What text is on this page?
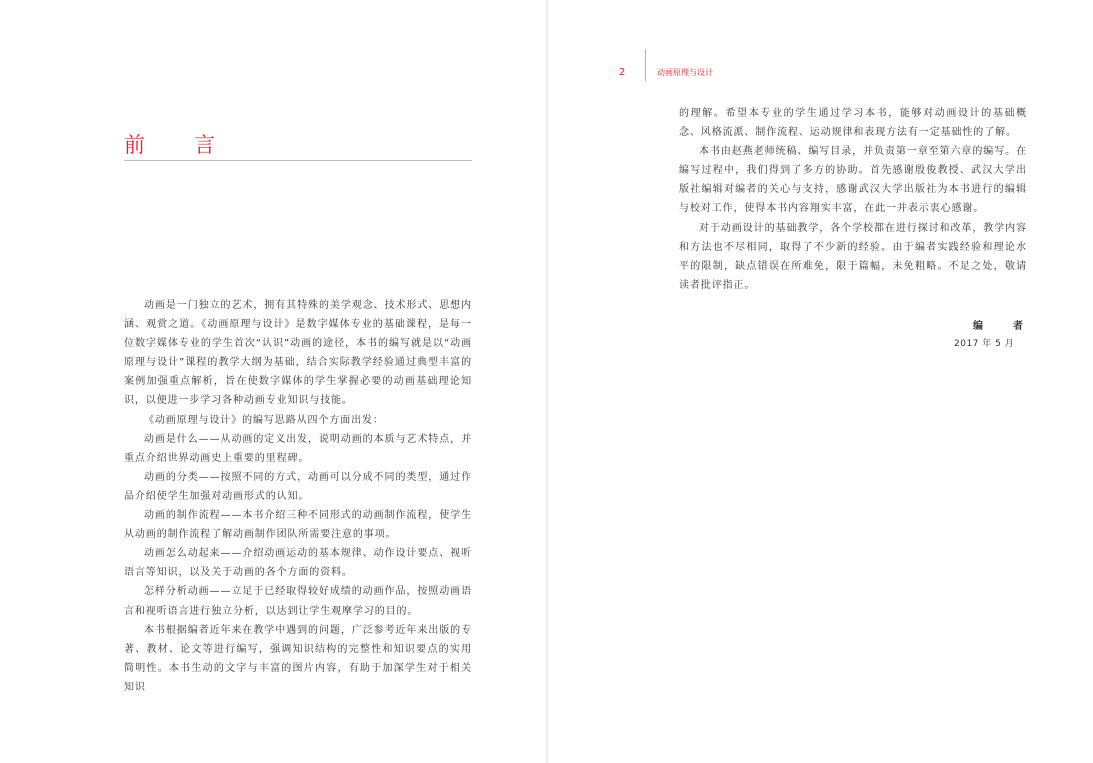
前　言

动画是一门独立的艺术，拥有其特殊的美学观念、技术形式、思想内涵、观赏之道。《动画原理与设计》是数字媒体专业的基础课程，是每一位数字媒体专业的学生首次“认识”动画的途径，本书的编写就是以“动画原理与设计”课程的教学大纲为基础，结合实际教学经验通过典型丰富的案例加强重点解析，旨在使数字媒体的学生掌握必要的动画基础理论知识，以便进一步学习各种动画专业知识与技能。

《动画原理与设计》的编写思路从四个方面出发：

动画是什么——从动画的定义出发，说明动画的本质与艺术特点，并重点介绍世界动画史上重要的里程碑。

动画的分类——按照不同的方式，动画可以分成不同的类型，通过作品介绍使学生加强对动画形式的认知。

动画的制作流程——本书介绍三种不同形式的动画制作流程，使学生从动画的制作流程了解动画制作团队所需要注意的事项。

动画怎么动起来——介绍动画运动的基本规律、动作设计要点、视听语言等知识，以及关于动画的各个方面的资料。

怎样分析动画——立足于已经取得较好成绩的动画作品，按照动画语言和视听语言进行独立分析，以达到让学生观摩学习的目的。

本书根据编者近年来在教学中遇到的问题，广泛参考近年来出版的专著、教材、论文等进行编写，强调知识结构的完整性和知识要点的实用简明性。本书生动的文字与丰富的图片内容，有助于加深学生对于相关知识

2	动画原理与设计

的理解。希望本专业的学生通过学习本书，能够对动画设计的基础概念、风格流派、制作流程、运动规律和表现方法有一定基础性的了解。

本书由赵燕老师统稿、编写目录，并负责第一章至第六章的编写。在编写过程中，我们得到了多方的协助。首先感谢殷俊教授、武汉大学出版社编辑对编者的关心与支持，感谢武汉大学出版社为本书进行的编辑与校对工作，使得本书内容翔实丰富，在此一并表示衷心感谢。

对于动画设计的基础教学，各个学校都在进行探讨和改革，教学内容和方法也不尽相同，取得了不少新的经验。由于编者实践经验和理论水平的限制，缺点错误在所难免，限于篇幅，未免粗略。不足之处，敬请读者批评指正。

编　者
2017 年 5 月
